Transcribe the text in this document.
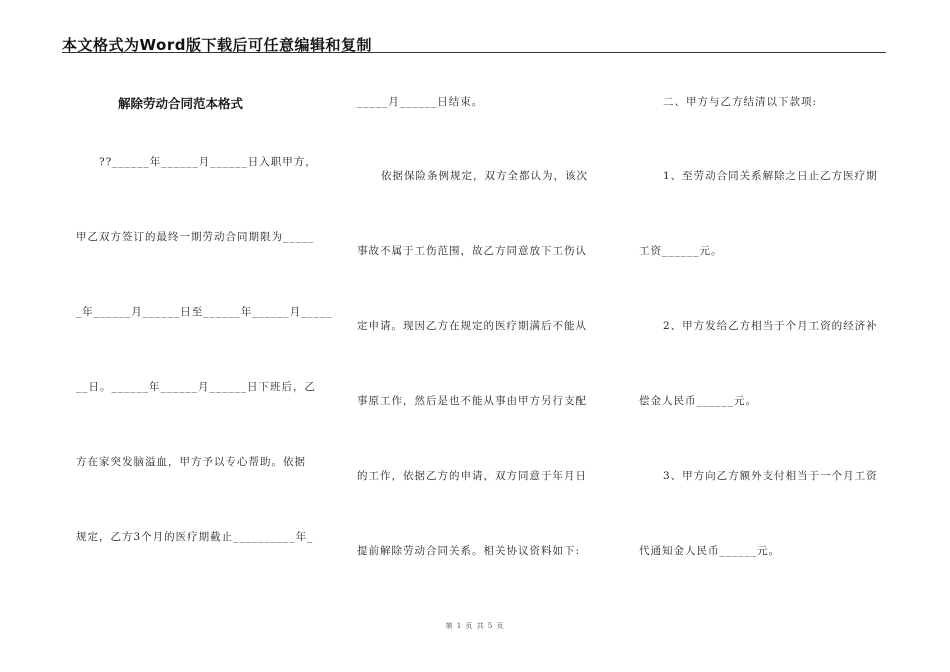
本文格式为Word版下载后可任意编辑和复制
解除劳动合同范本格式
??______年______月______日入职甲方，
甲乙双方签订的最终一期劳动合同期限为_____
_年______月______日至______年______月_____
__日。______年______月______日下班后，乙
方在家突发脑溢血，甲方予以专心帮助。依据
规定，乙方3个月的医疗期截止__________年_
_____月______日结束。
依据保险条例规定，双方全都认为，该次
事故不属于工伤范围，故乙方同意放下工伤认
定申请。现因乙方在规定的医疗期满后不能从
事原工作，然后是也不能从事由甲方另行支配
的工作，依据乙方的申请，双方同意于年月日
提前解除劳动合同关系。相关协议资料如下:
二、甲方与乙方结清以下款项:
1、至劳动合同关系解除之日止乙方医疗期
工资______元。
2、甲方发给乙方相当于个月工资的经济补
偿金人民币______元。
3、甲方向乙方额外支付相当于一个月工资
代通知金人民币______元。
第 1 页 共 5 页
